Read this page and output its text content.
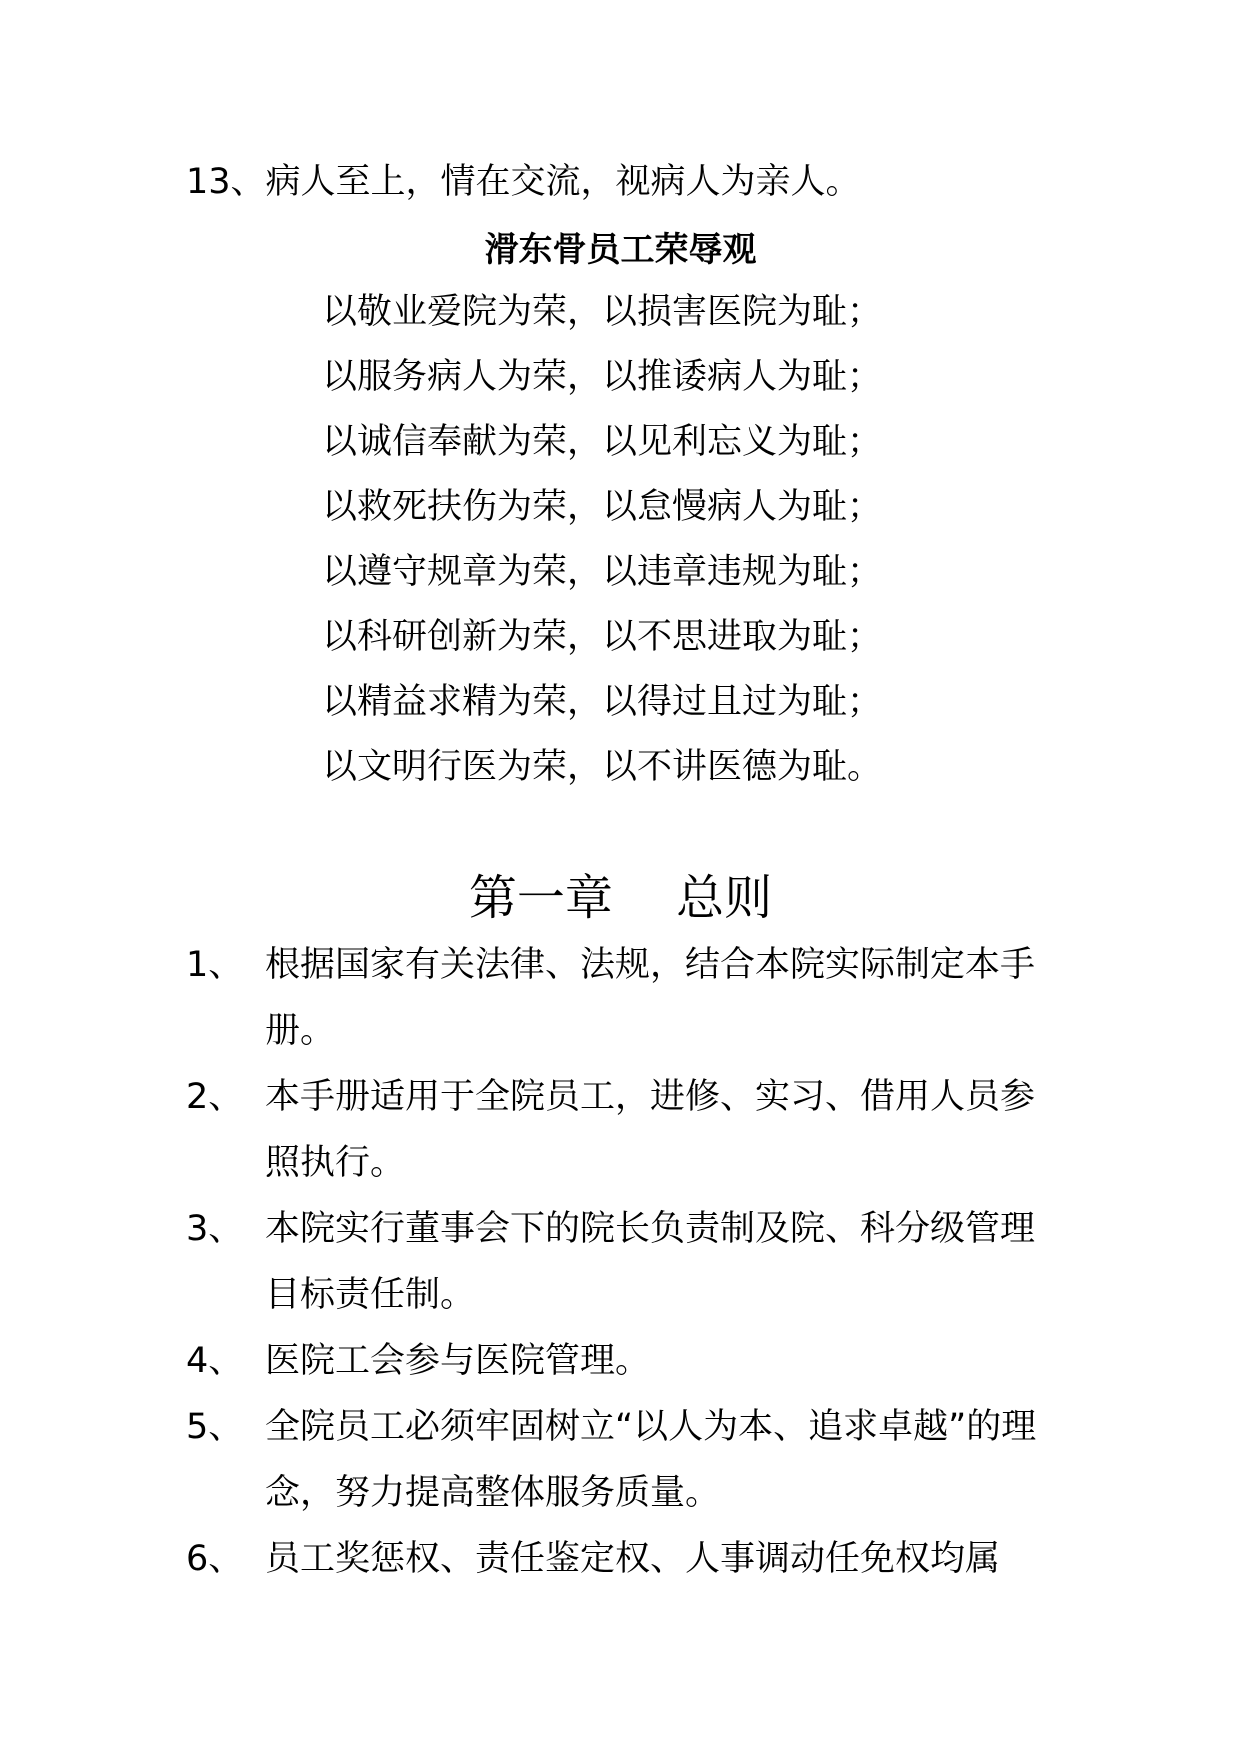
13、病人至上，情在交流，视病人为亲人。
滑东骨员工荣辱观
以敬业爱院为荣，以损害医院为耻；
以服务病人为荣，以推诿病人为耻；
以诚信奉献为荣，以见利忘义为耻；
以救死扶伤为荣，以怠慢病人为耻；
以遵守规章为荣，以违章违规为耻；
以科研创新为荣，以不思进取为耻；
以精益求精为荣，以得过且过为耻；
以文明行医为荣，以不讲医德为耻。
第一章　 总则
1、 根据国家有关法律、法规，结合本院实际制定本手册。
2、 本手册适用于全院员工，进修、实习、借用人员参照执行。
3、 本院实行董事会下的院长负责制及院、科分级管理目标责任制。
4、 医院工会参与医院管理。
5、 全院员工必须牢固树立“以人为本、追求卓越”的理念，努力提高整体服务质量。
6、 员工奖惩权、责任鉴定权、人事调动任免权均属
